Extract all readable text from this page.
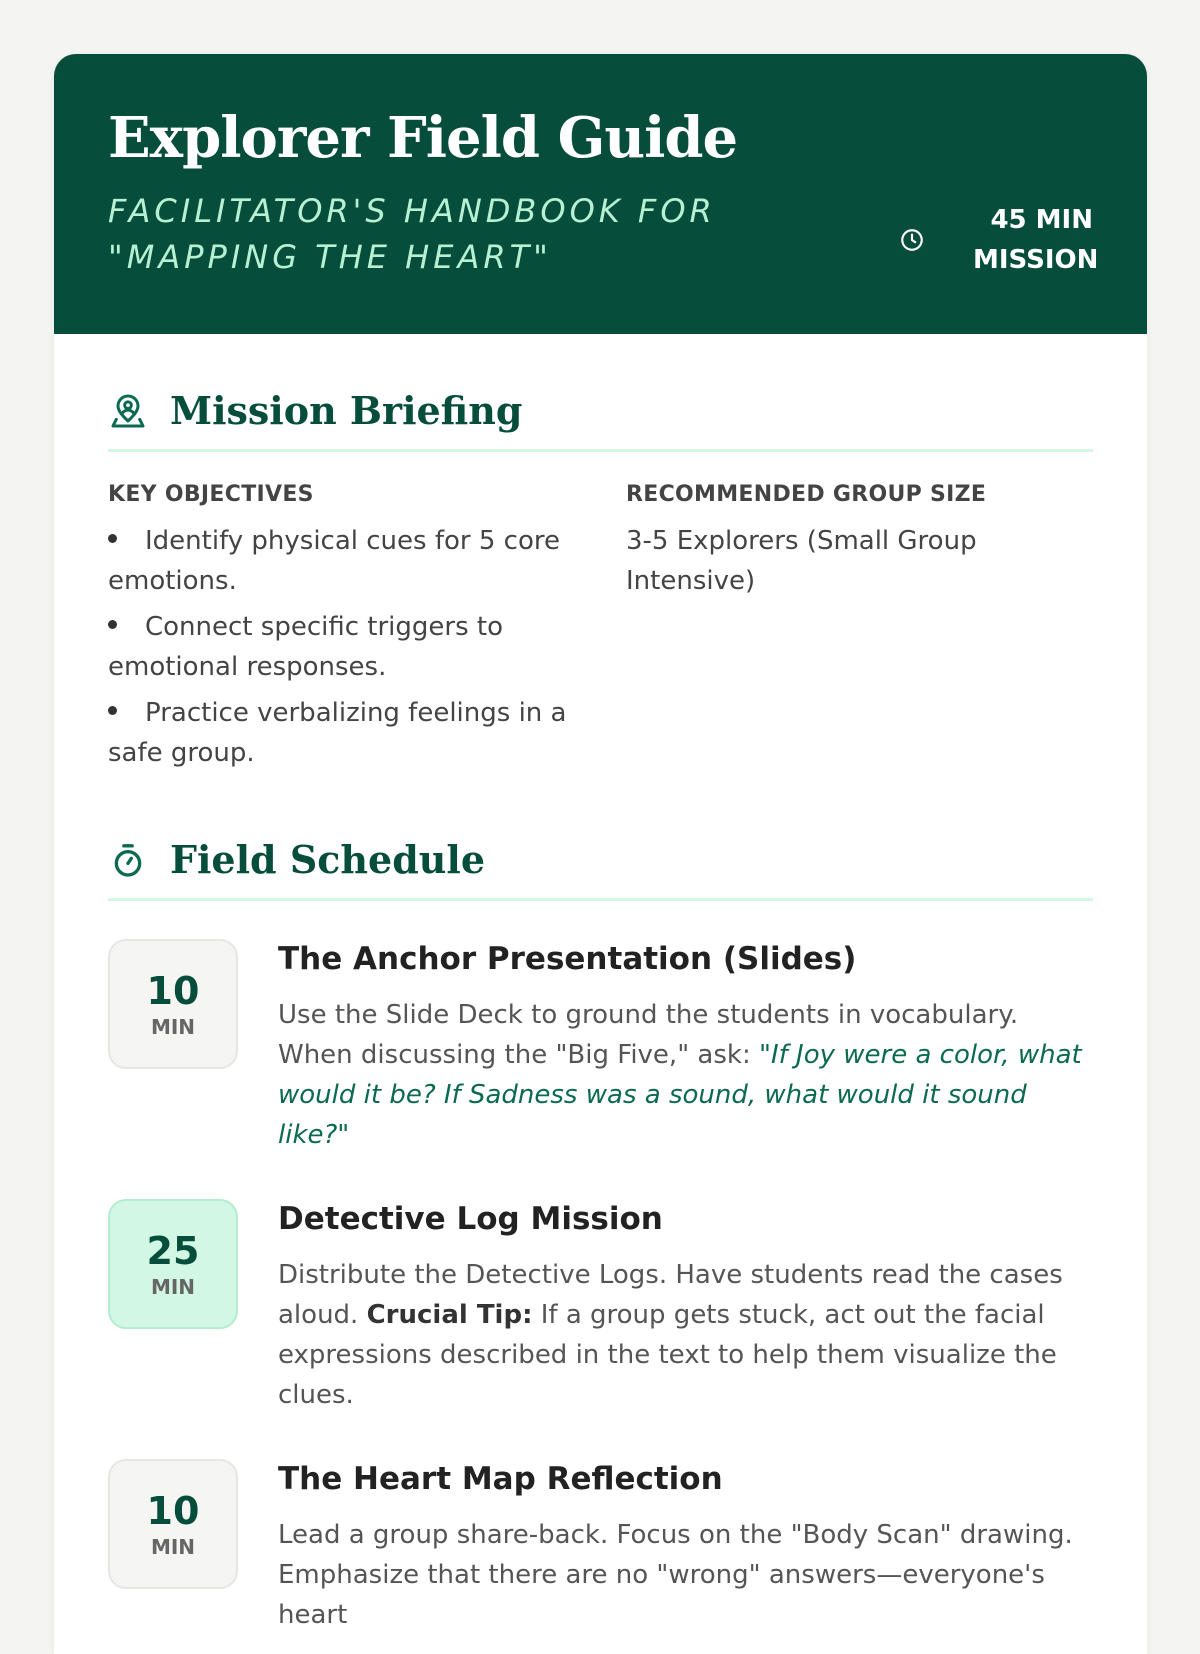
Explorer Field Guide
FACILITATOR'S HANDBOOK FOR "MAPPING THE HEART"
45 MIN
MISSION
Mission Briefing
KEY OBJECTIVES
Identify physical cues for 5 core emotions.
Connect specific triggers to emotional responses.
Practice verbalizing feelings in a safe group.
RECOMMENDED GROUP SIZE
3-5 Explorers (Small Group Intensive)
Field Schedule
10
MIN
The Anchor Presentation (Slides)
Use the Slide Deck to ground the students in vocabulary. When discussing the "Big Five," ask: "If Joy were a color, what would it be? If Sadness was a sound, what would it sound like?"
25
MIN
Detective Log Mission
Distribute the Detective Logs. Have students read the cases aloud. Crucial Tip: If a group gets stuck, act out the facial expressions described in the text to help them visualize the clues.
10
MIN
The Heart Map Reflection
Lead a group share-back. Focus on the "Body Scan" drawing. Emphasize that there are no "wrong" answers—everyone's heart
